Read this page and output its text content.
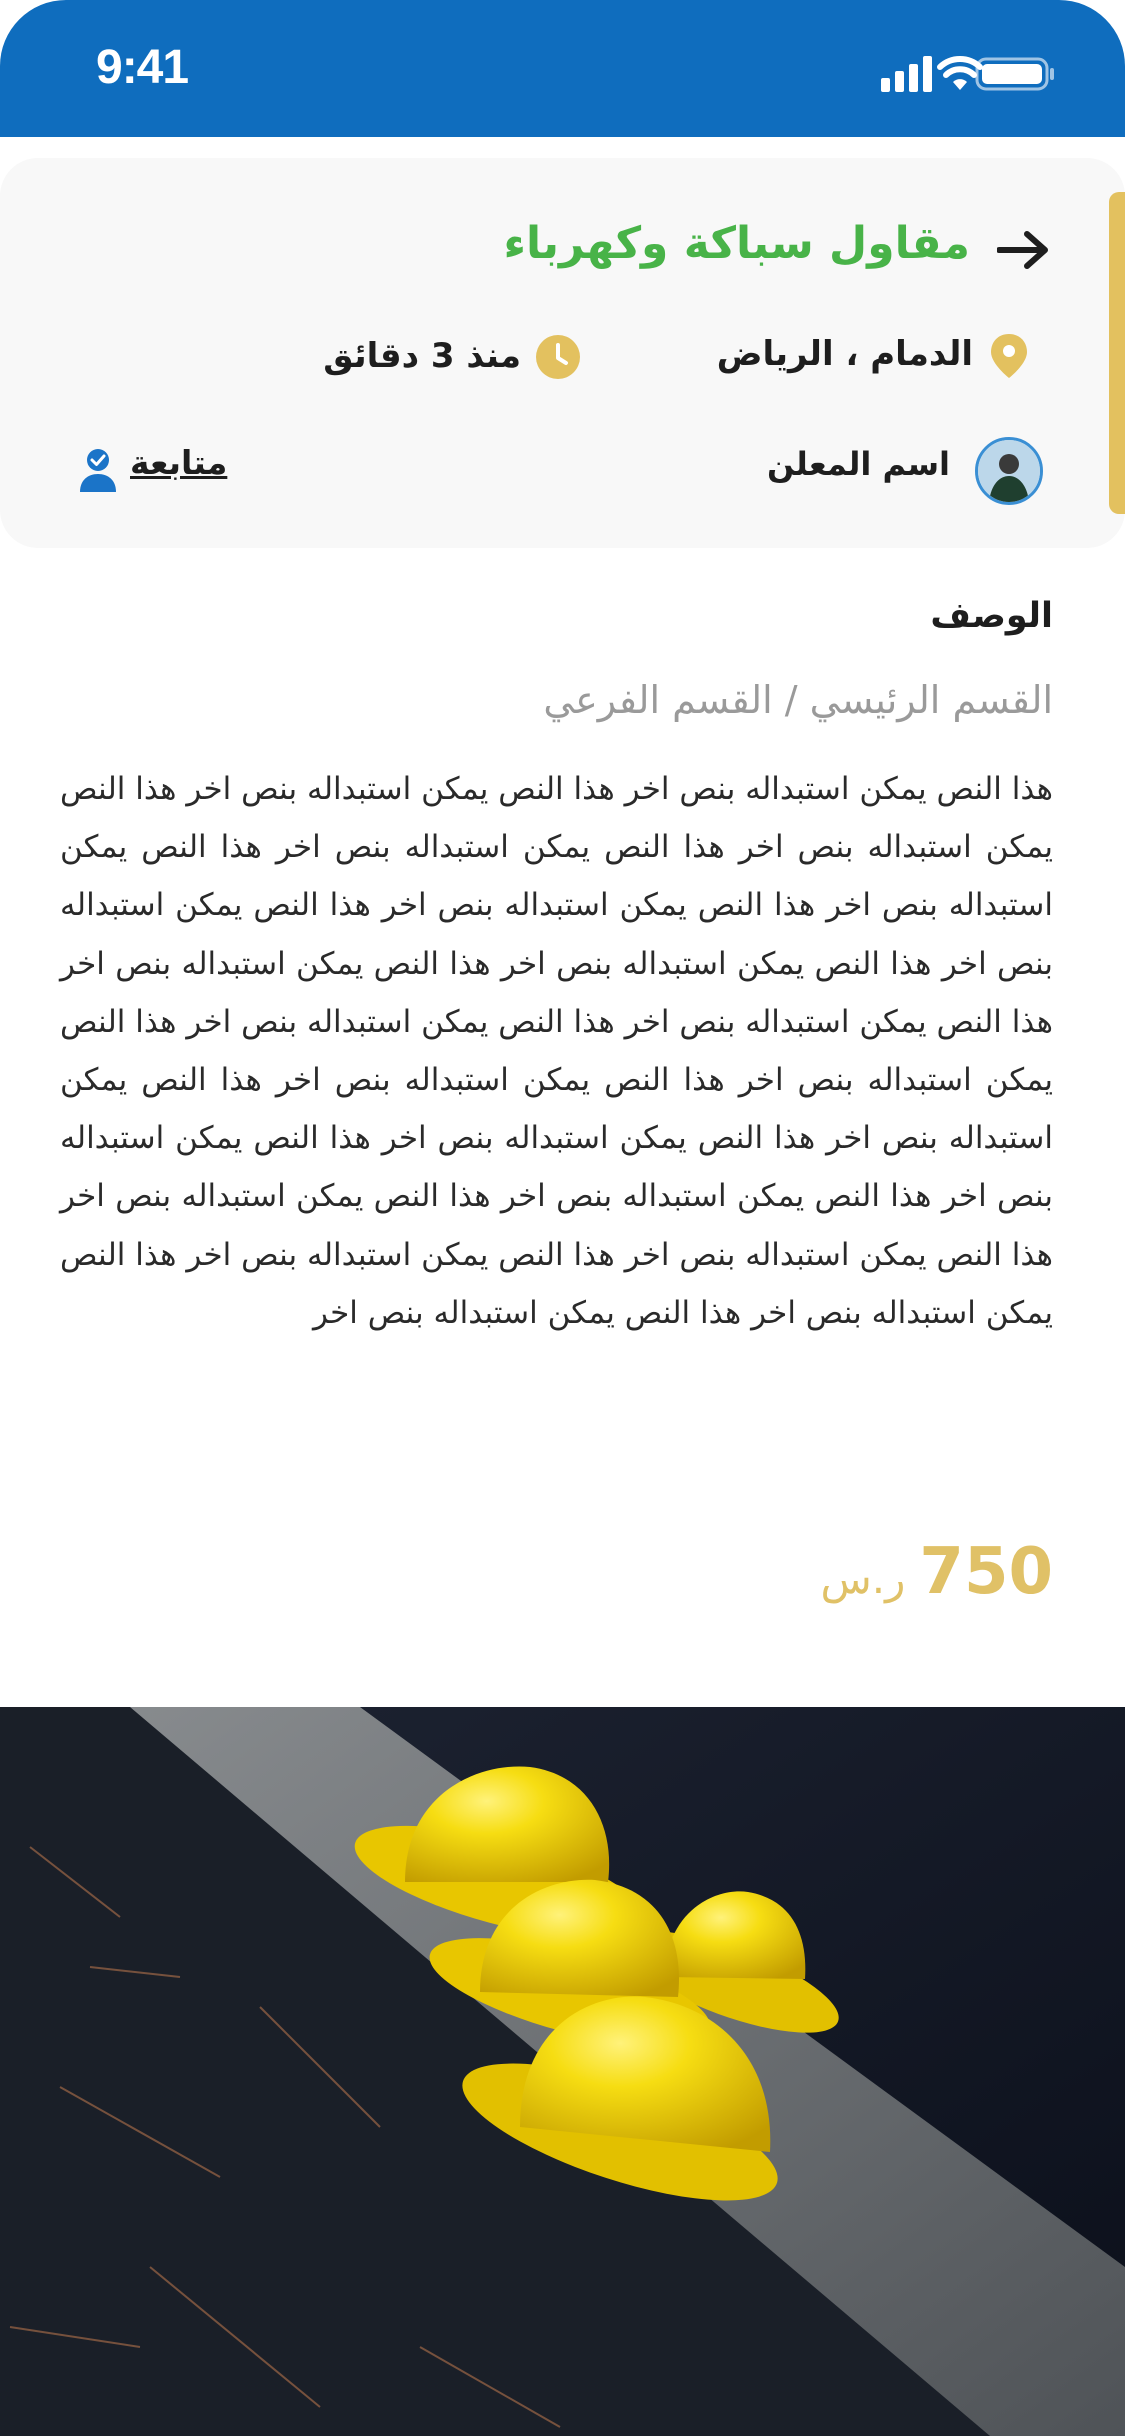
9:41
مقاول سباكة وكهرباء
الدمام ، الرياض
منذ 3 دقائق
اسم المعلن
متابعة
الوصف
القسم الرئيسي / القسم الفرعي
هذا النص يمكن استبداله بنص اخر هذا النص يمكن استبداله بنص اخر هذا النص يمكن استبداله بنص اخر هذا النص يمكن استبداله بنص اخر هذا النص يمكن استبداله بنص اخر هذا النص يمكن استبداله بنص اخر هذا النص يمكن استبداله بنص اخر هذا النص يمكن استبداله بنص اخر هذا النص يمكن استبداله بنص اخر هذا النص يمكن استبداله بنص اخر هذا النص يمكن استبداله بنص اخر هذا النص يمكن استبداله بنص اخر هذا النص يمكن استبداله بنص اخر هذا النص يمكن استبداله بنص اخر هذا النص يمكن استبداله بنص اخر هذا النص يمكن استبداله بنص اخر هذا النص يمكن استبداله بنص اخر هذا النص يمكن استبداله بنص اخر هذا النص يمكن استبداله بنص اخر هذا النص يمكن استبداله بنص اخر هذا النص يمكن استبداله بنص اخر هذا النص يمكن استبداله بنص اخر
750ر.س
